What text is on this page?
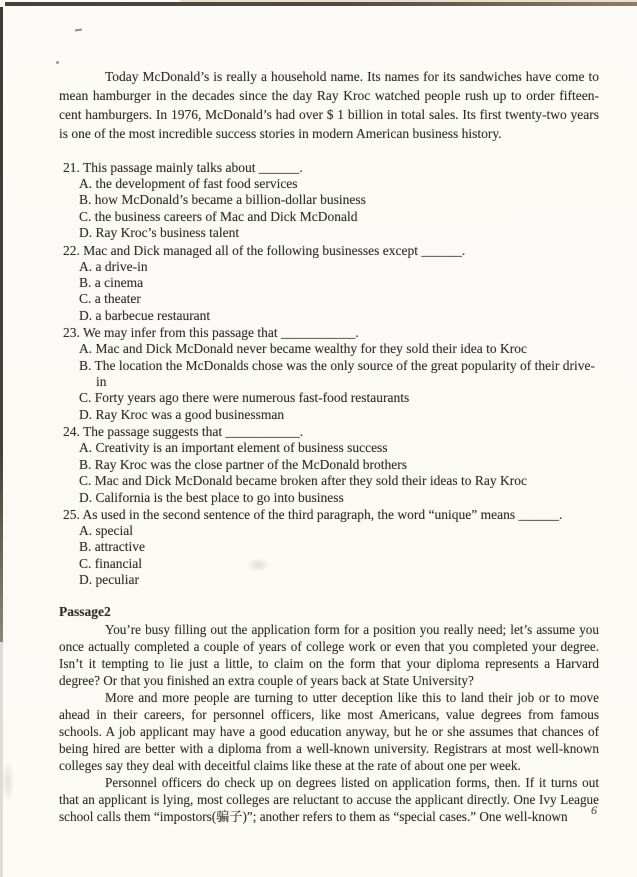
Today McDonald’s is really a household name. Its names for its sandwiches have come to mean hamburger in the decades since the day Ray Kroc watched people rush up to order fifteen-cent hamburgers. In 1976, McDonald’s had over $ 1 billion in total sales. Its first twenty-two years is one of the most incredible success stories in modern American business history.

21. This passage mainly talks about ______.
A. the development of fast food services
B. how McDonald’s became a billion-dollar business
C. the business careers of Mac and Dick McDonald
D. Ray Kroc’s business talent
22. Mac and Dick managed all of the following businesses except ______.
A. a drive-in
B. a cinema
C. a theater
D. a barbecue restaurant
23. We may infer from this passage that ___________.
A. Mac and Dick McDonald never became wealthy for they sold their idea to Kroc
B. The location the McDonalds chose was the only source of the great popularity of their drive-in
C. Forty years ago there were numerous fast-food restaurants
D. Ray Kroc was a good businessman
24. The passage suggests that ___________.
A. Creativity is an important element of business success
B. Ray Kroc was the close partner of the McDonald brothers
C. Mac and Dick McDonald became broken after they sold their ideas to Ray Kroc
D. California is the best place to go into business
25. As used in the second sentence of the third paragraph, the word “unique” means ______.
A. special
B. attractive
C. financial
D. peculiar
Passage2

You’re busy filling out the application form for a position you really need; let’s assume you once actually completed a couple of years of college work or even that you completed your degree. Isn’t it tempting to lie just a little, to claim on the form that your diploma represents a Harvard degree? Or that you finished an extra couple of years back at State University?

More and more people are turning to utter deception like this to land their job or to move ahead in their careers, for personnel officers, like most Americans, value degrees from famous schools. A job applicant may have a good education anyway, but he or she assumes that chances of being hired are better with a diploma from a well-known university. Registrars at most well-known colleges say they deal with deceitful claims like these at the rate of about one per week.

Personnel officers do check up on degrees listed on application forms, then. If it turns out that an applicant is lying, most colleges are reluctant to accuse the applicant directly. One Ivy League school calls them “impostors(骗子)”; another refers to them as “special cases.” One well-known	6
